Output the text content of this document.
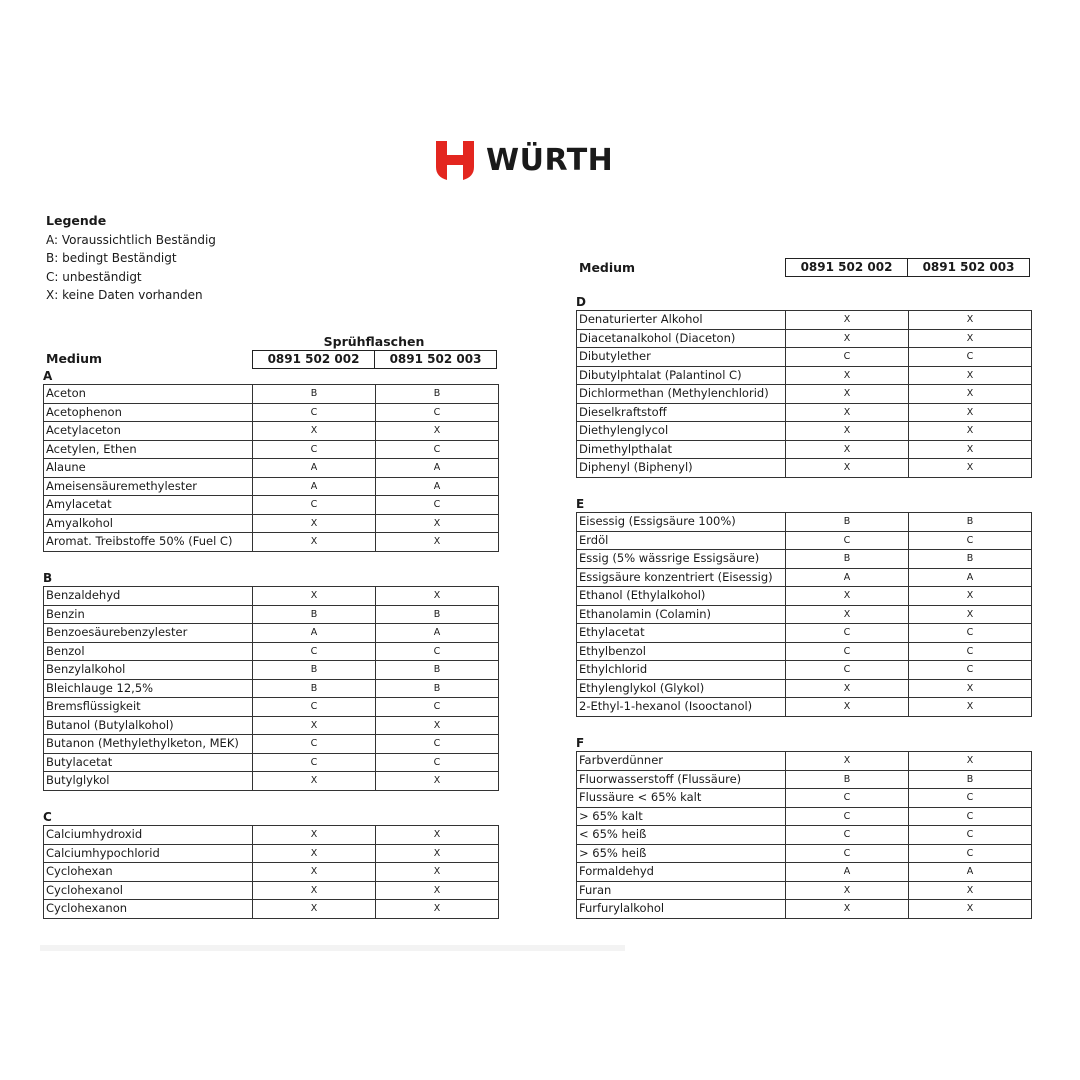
WÜRTH
Legende
A: Voraussichtlich Beständig
B: bedingt Beständigt
C: unbeständigt
X: keine Daten vorhanden
Sprühflaschen
Medium	0891 502 002	0891 502 003
Medium	0891 502 002	0891 502 003
A
Aceton	B	B
Acetophenon	C	C
Acetylaceton	X	X
Acetylen, Ethen	C	C
Alaune	A	A
Ameisensäuremethylester	A	A
Amylacetat	C	C
Amyalkohol	X	X
Aromat. Treibstoffe 50% (Fuel C)	X	X
B
Benzaldehyd	X	X
Benzin	B	B
Benzoesäurebenzylester	A	A
Benzol	C	C
Benzylalkohol	B	B
Bleichlauge 12,5%	B	B
Bremsflüssigkeit	C	C
Butanol (Butylalkohol)	X	X
Butanon (Methylethylketon, MEK)	C	C
Butylacetat	C	C
Butylglykol	X	X
C
Calciumhydroxid	X	X
Calciumhypochlorid	X	X
Cyclohexan	X	X
Cyclohexanol	X	X
Cyclohexanon	X	X
D
Denaturierter Alkohol	X	X
Diacetanalkohol (Diaceton)	X	X
Dibutylether	C	C
Dibutylphtalat (Palantinol C)	X	X
Dichlormethan (Methylenchlorid)	X	X
Dieselkraftstoff	X	X
Diethylenglycol	X	X
Dimethylpthalat	X	X
Diphenyl (Biphenyl)	X	X
E
Eisessig (Essigsäure 100%)	B	B
Erdöl	C	C
Essig (5% wässrige Essigsäure)	B	B
Essigsäure konzentriert (Eisessig)	A	A
Ethanol (Ethylalkohol)	X	X
Ethanolamin (Colamin)	X	X
Ethylacetat	C	C
Ethylbenzol	C	C
Ethylchlorid	C	C
Ethylenglykol (Glykol)	X	X
2-Ethyl-1-hexanol (Isooctanol)	X	X
F
Farbverdünner	X	X
Fluorwasserstoff (Flussäure)	B	B
Flussäure < 65% kalt	C	C
> 65% kalt	C	C
< 65% heiß	C	C
> 65% heiß	C	C
Formaldehyd	A	A
Furan	X	X
Furfurylalkohol	X	X
